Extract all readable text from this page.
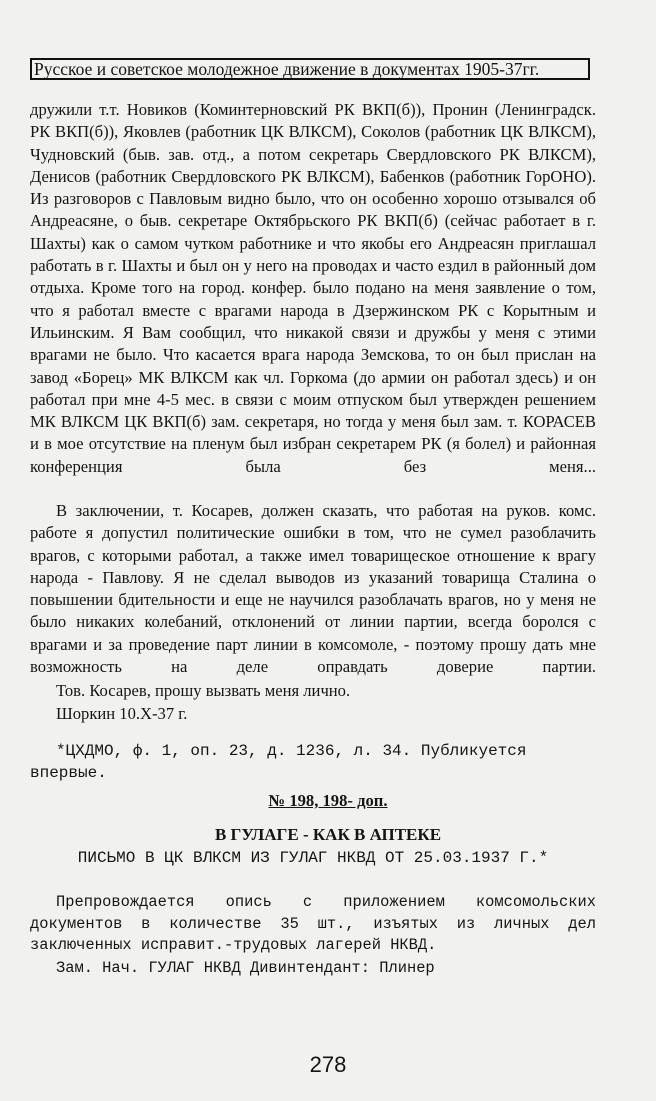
Русское и советское молодежное движение в документах 1905-37гг.
дружили т.т. Новиков (Коминтерновский РК ВКП(б)), Пронин (Ленинградск. РК ВКП(б)), Яковлев (работник ЦК ВЛКСМ), Соколов (работник ЦК ВЛКСМ), Чудновский (быв. зав. отд., а потом секретарь Свердловского РК ВЛКСМ), Денисов (работник Свердловского РК ВЛКСМ), Бабенков (работник ГорОНО). Из разговоров с Павловым видно было, что он особенно хорошо отзывался об Андреасяне, о быв. секретаре Октябрьского РК ВКП(б) (сейчас работает в г. Шахты) как о самом чутком работнике и что якобы его Андреасян приглашал работать в г. Шахты и был он у него на проводах и часто ездил в районный дом отдыха. Кроме того на город. конфер. было подано на меня заявление о том, что я работал вместе с врагами народа в Дзержинском РК с Корытным и Ильинским. Я Вам сообщил, что никакой связи и дружбы у меня с этими врагами не было. Что касается врага народа Земскова, то он был прислан на завод «Борец» МК ВЛКСМ как чл. Горкома (до армии он работал здесь) и он работал при мне 4-5 мес. в связи с моим отпуском был утвержден решением МК ВЛКСМ ЦК ВКП(б) зам. секретаря, но тогда у меня был зам. т. КОРАСЕВ и в мое отсутствие на пленум был избран секретарем РК (я болел) и районная конференция была без меня...
В заключении, т. Косарев, должен сказать, что работая на руков. комс. работе я допустил политические ошибки в том, что не сумел разоблачить врагов, с которыми работал, а также имел товарищеское отношение к врагу народа - Павлову. Я не сделал выводов из указаний товарища Сталина о повышении бдительности и еще не научился разоблачать врагов, но у меня не было никаких колебаний, отклонений от линии партии, всегда боролся с врагами и за проведение парт линии в комсомоле, - поэтому прошу дать мне возможность на деле оправдать доверие партии.
Тов. Косарев, прошу вызвать меня лично.
Шоркин 10.Х-37 г.
*ЦХДМО, ф. 1, оп. 23, д. 1236, л. 34. Публикуется впервые.
№ 198, 198- доп.
В ГУЛАГЕ - КАК В АПТЕКЕ
ПИСЬМО В ЦК ВЛКСМ ИЗ ГУЛАГ НКВД ОТ 25.03.1937 Г.*
Препровождается опись с приложением комсомольских документов в количестве 35 шт., изъятых из личных дел заключенных исправит.-трудовых лагерей НКВД.
Зам. Нач. ГУЛАГ НКВД Дивинтендант: Плинер
278
